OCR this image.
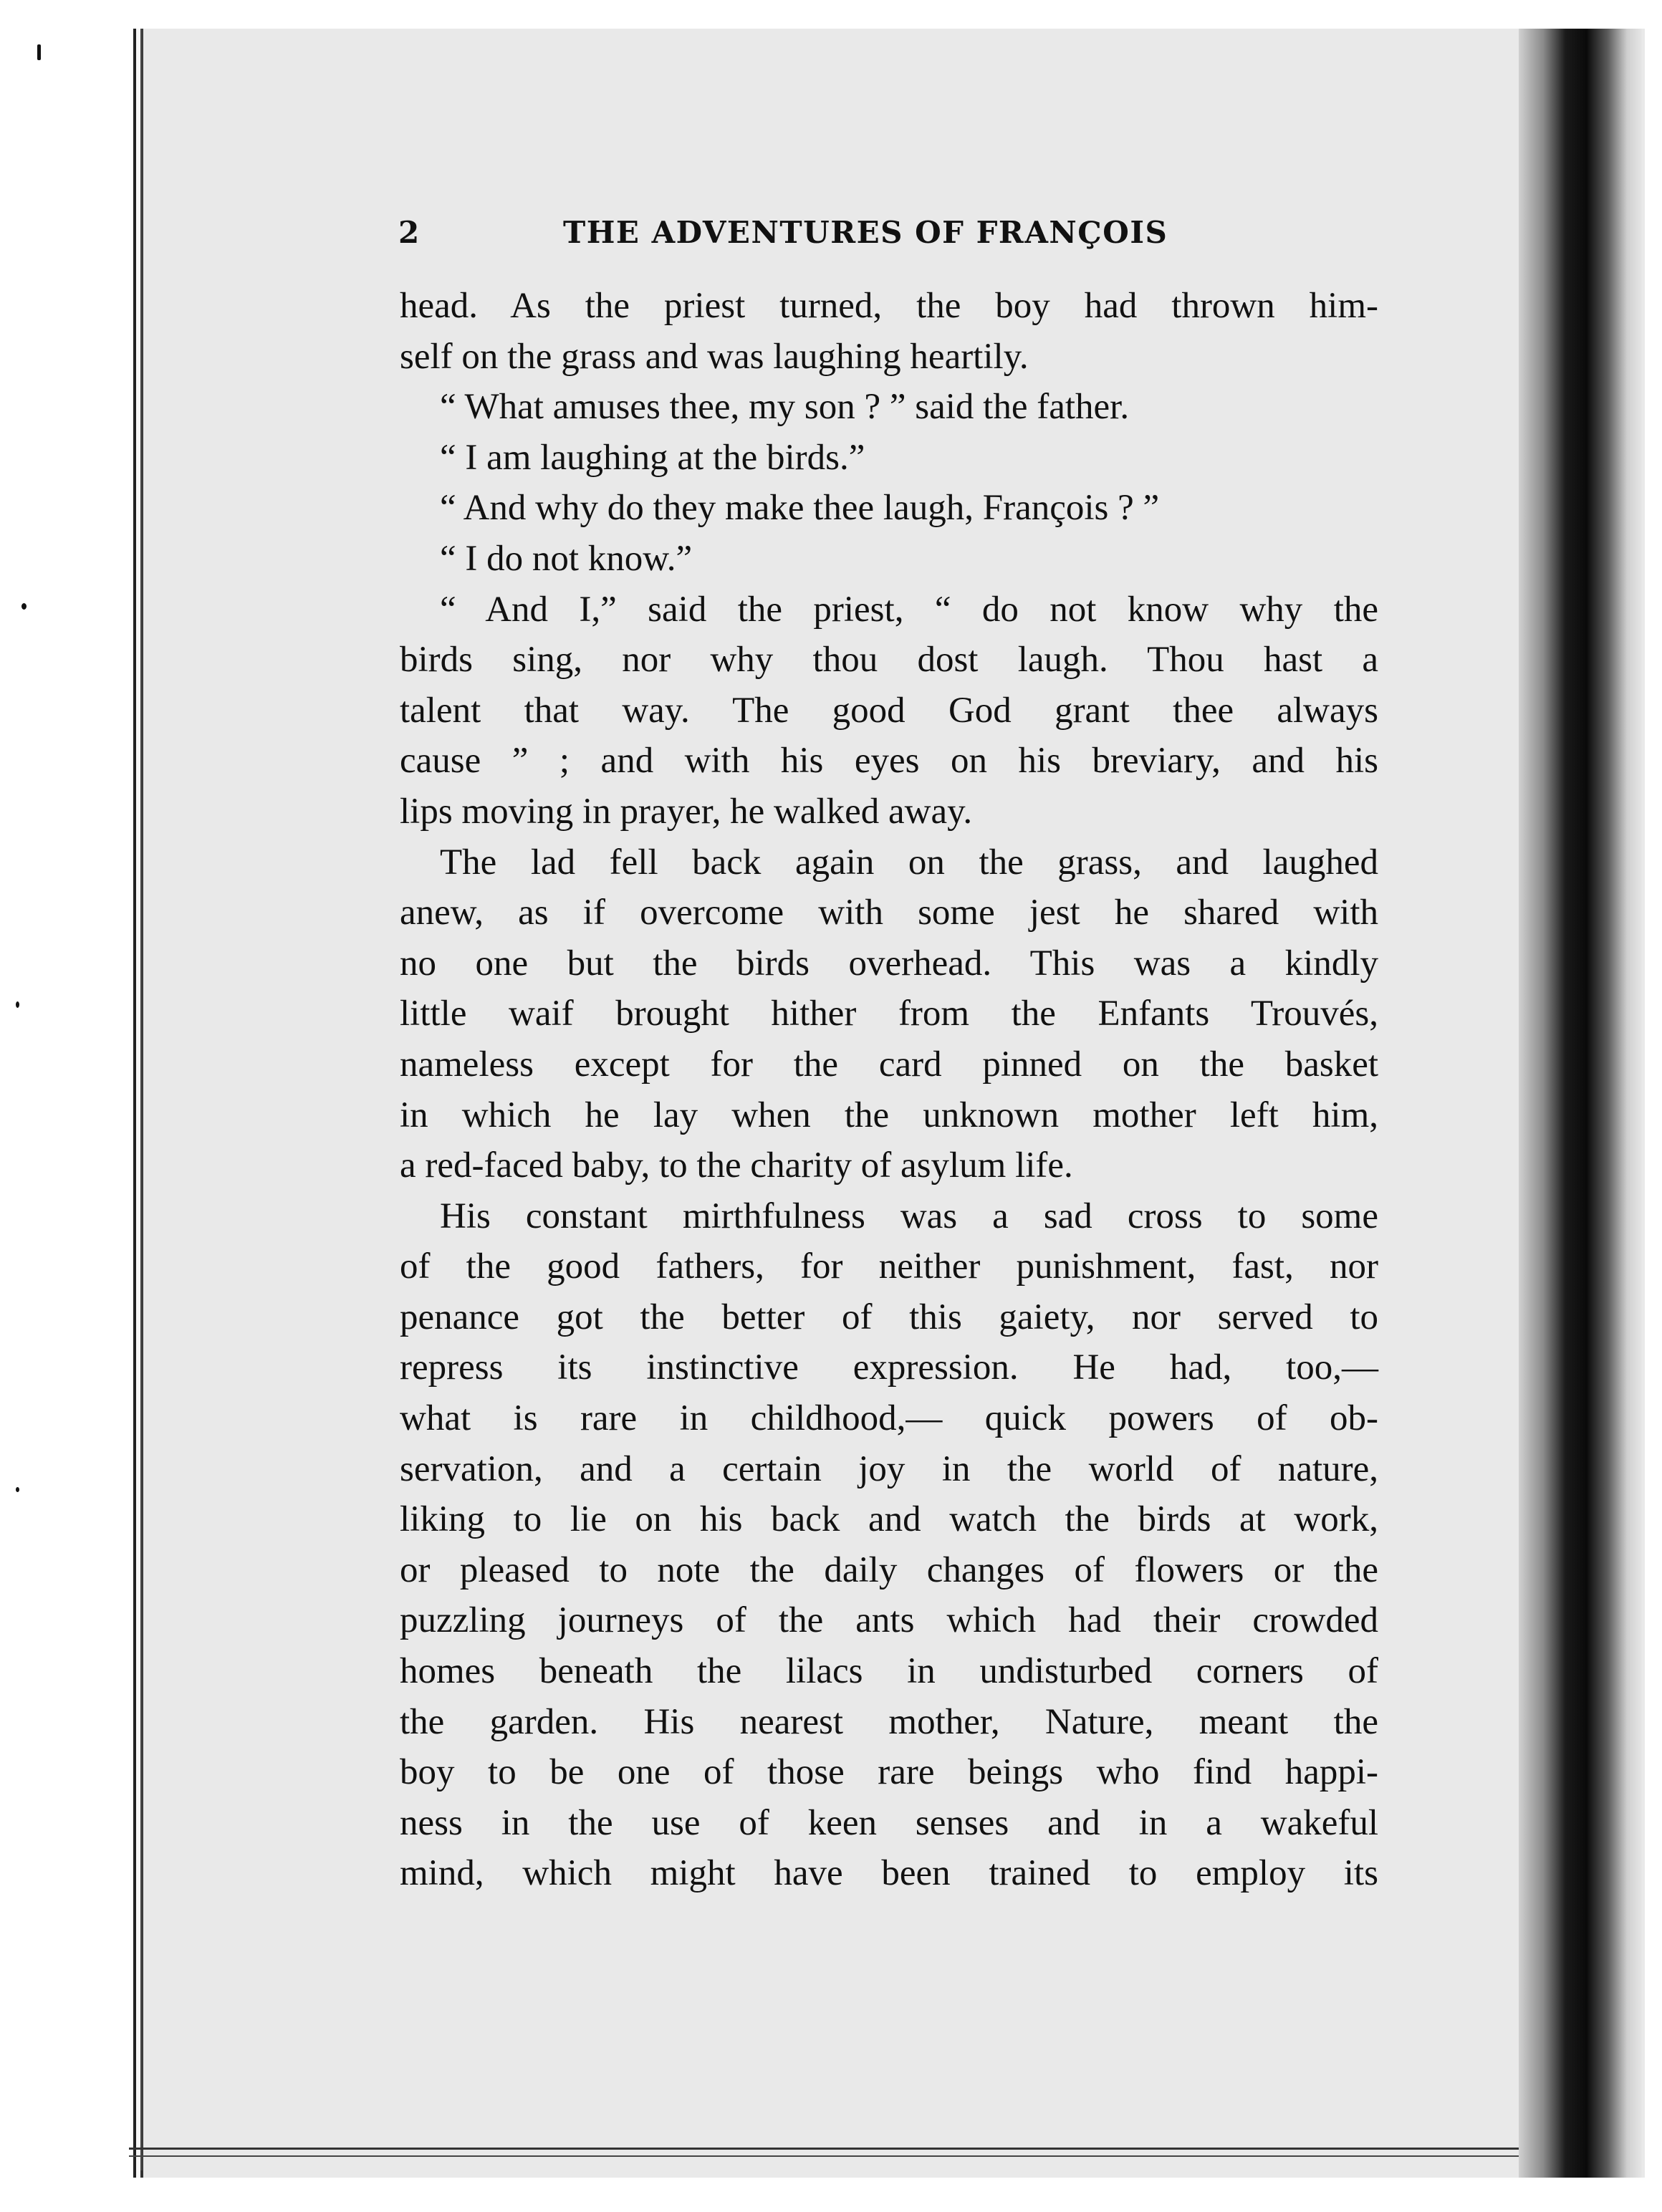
2	THE ADVENTURES OF FRANÇOIS
head. As the priest turned, the boy had thrown him-
self on the grass and was laughing heartily.
“ What amuses thee, my son ? ” said the father.
“ I am laughing at the birds.”
“ And why do they make thee laugh, François ? ”
“ I do not know.”
“ And I,” said the priest, “ do not know why the
birds sing, nor why thou dost laugh. Thou hast a
talent that way. The good God grant thee always
cause ” ; and with his eyes on his breviary, and his
lips moving in prayer, he walked away.
The lad fell back again on the grass, and laughed
anew, as if overcome with some jest he shared with
no one but the birds overhead. This was a kindly
little waif brought hither from the Enfants Trouvés,
nameless except for the card pinned on the basket
in which he lay when the unknown mother left him,
a red-faced baby, to the charity of asylum life.
His constant mirthfulness was a sad cross to some
of the good fathers, for neither punishment, fast, nor
penance got the better of this gaiety, nor served to
repress its instinctive expression. He had, too,—
what is rare in childhood,— quick powers of ob-
servation, and a certain joy in the world of nature,
liking to lie on his back and watch the birds at work,
or pleased to note the daily changes of flowers or the
puzzling journeys of the ants which had their crowded
homes beneath the lilacs in undisturbed corners of
the garden. His nearest mother, Nature, meant the
boy to be one of those rare beings who find happi-
ness in the use of keen senses and in a wakeful
mind, which might have been trained to employ its
